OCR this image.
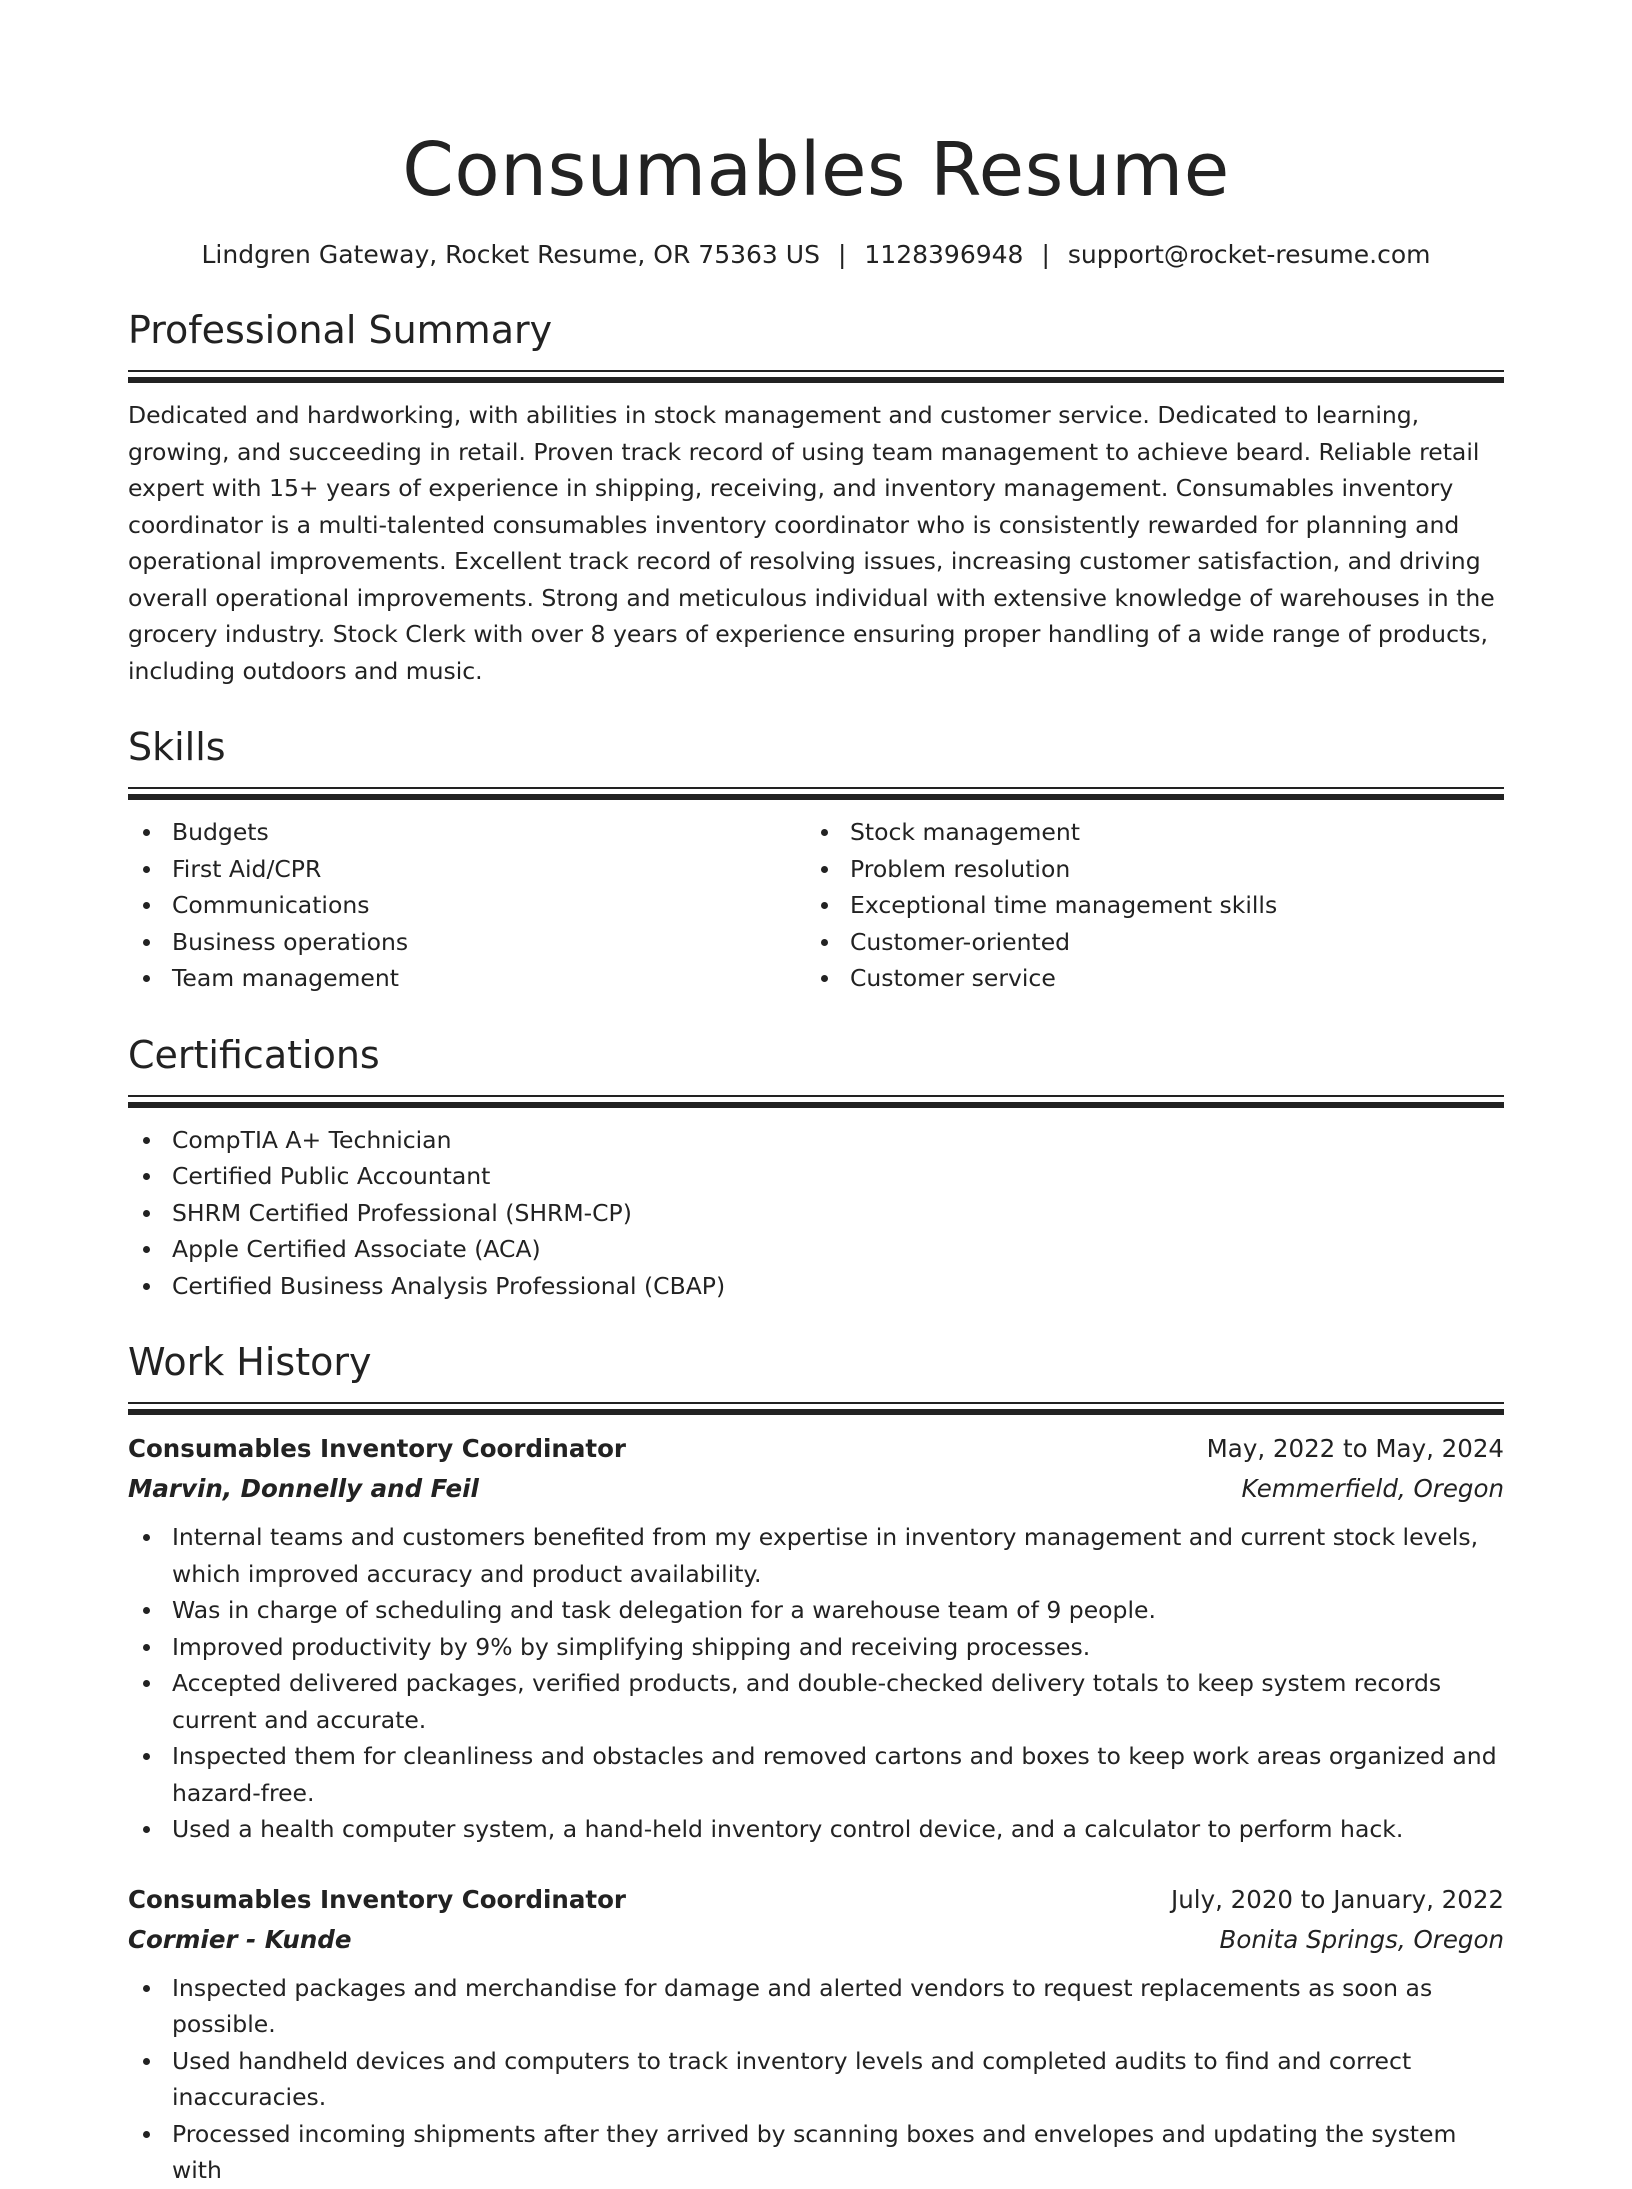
Consumables Resume
Lindgren Gateway, Rocket Resume, OR 75363 US | 1128396948 | support@rocket-resume.com
Professional Summary
Dedicated and hardworking, with abilities in stock management and customer service. Dedicated to learning, growing, and succeeding in retail. Proven track record of using team management to achieve beard. Reliable retail expert with 15+ years of experience in shipping, receiving, and inventory management. Consumables inventory coordinator is a multi-talented consumables inventory coordinator who is consistently rewarded for planning and operational improvements. Excellent track record of resolving issues, increasing customer satisfaction, and driving overall operational improvements. Strong and meticulous individual with extensive knowledge of warehouses in the grocery industry. Stock Clerk with over 8 years of experience ensuring proper handling of a wide range of products, including outdoors and music.
Skills
Budgets
First Aid/CPR
Communications
Business operations
Team management
Stock management
Problem resolution
Exceptional time management skills
Customer-oriented
Customer service
Certifications
CompTIA A+ Technician
Certified Public Accountant
SHRM Certified Professional (SHRM-CP)
Apple Certified Associate (ACA)
Certified Business Analysis Professional (CBAP)
Work History
Consumables Inventory Coordinator	May, 2022 to May, 2024
Marvin, Donnelly and Feil	Kemmerfield, Oregon
Internal teams and customers benefited from my expertise in inventory management and current stock levels, which improved accuracy and product availability.
Was in charge of scheduling and task delegation for a warehouse team of 9 people.
Improved productivity by 9% by simplifying shipping and receiving processes.
Accepted delivered packages, verified products, and double-checked delivery totals to keep system records current and accurate.
Inspected them for cleanliness and obstacles and removed cartons and boxes to keep work areas organized and hazard-free.
Used a health computer system, a hand-held inventory control device, and a calculator to perform hack.
Consumables Inventory Coordinator	July, 2020 to January, 2022
Cormier - Kunde	Bonita Springs, Oregon
Inspected packages and merchandise for damage and alerted vendors to request replacements as soon as possible.
Used handheld devices and computers to track inventory levels and completed audits to find and correct inaccuracies.
Processed incoming shipments after they arrived by scanning boxes and envelopes and updating the system with
